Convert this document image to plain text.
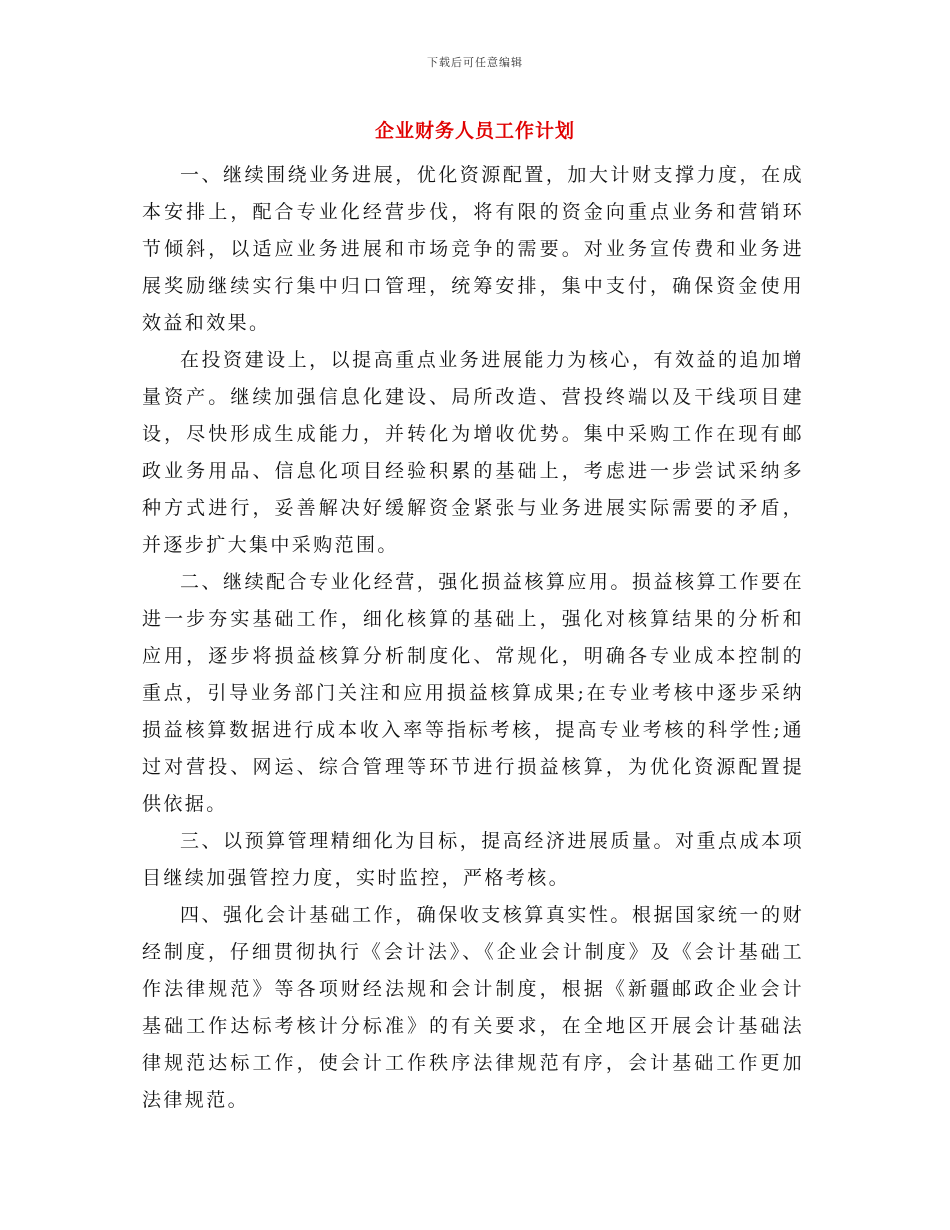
下载后可任意编辑
企业财务人员工作计划

一、继续围绕业务进展，优化资源配置，加大计财支撑力度，在成本安排上，配合专业化经营步伐，将有限的资金向重点业务和营销环节倾斜，以适应业务进展和市场竞争的需要。对业务宣传费和业务进展奖励继续实行集中归口管理，统筹安排，集中支付，确保资金使用效益和效果。

在投资建设上，以提高重点业务进展能力为核心，有效益的追加增量资产。继续加强信息化建设、局所改造、营投终端以及干线项目建设，尽快形成生成能力，并转化为增收优势。集中采购工作在现有邮政业务用品、信息化项目经验积累的基础上，考虑进一步尝试采纳多种方式进行，妥善解决好缓解资金紧张与业务进展实际需要的矛盾，并逐步扩大集中采购范围。

二、继续配合专业化经营，强化损益核算应用。损益核算工作要在进一步夯实基础工作，细化核算的基础上，强化对核算结果的分析和应用，逐步将损益核算分析制度化、常规化，明确各专业成本控制的重点，引导业务部门关注和应用损益核算成果;在专业考核中逐步采纳损益核算数据进行成本收入率等指标考核，提高专业考核的科学性;通过对营投、网运、综合管理等环节进行损益核算，为优化资源配置提供依据。

三、以预算管理精细化为目标，提高经济进展质量。对重点成本项目继续加强管控力度，实时监控，严格考核。

四、强化会计基础工作，确保收支核算真实性。根据国家统一的财经制度，仔细贯彻执行《会计法》、《企业会计制度》及《会计基础工作法律规范》等各项财经法规和会计制度，根据《新疆邮政企业会计基础工作达标考核计分标准》的有关要求，在全地区开展会计基础法律规范达标工作，使会计工作秩序法律规范有序，会计基础工作更加法律规范。
